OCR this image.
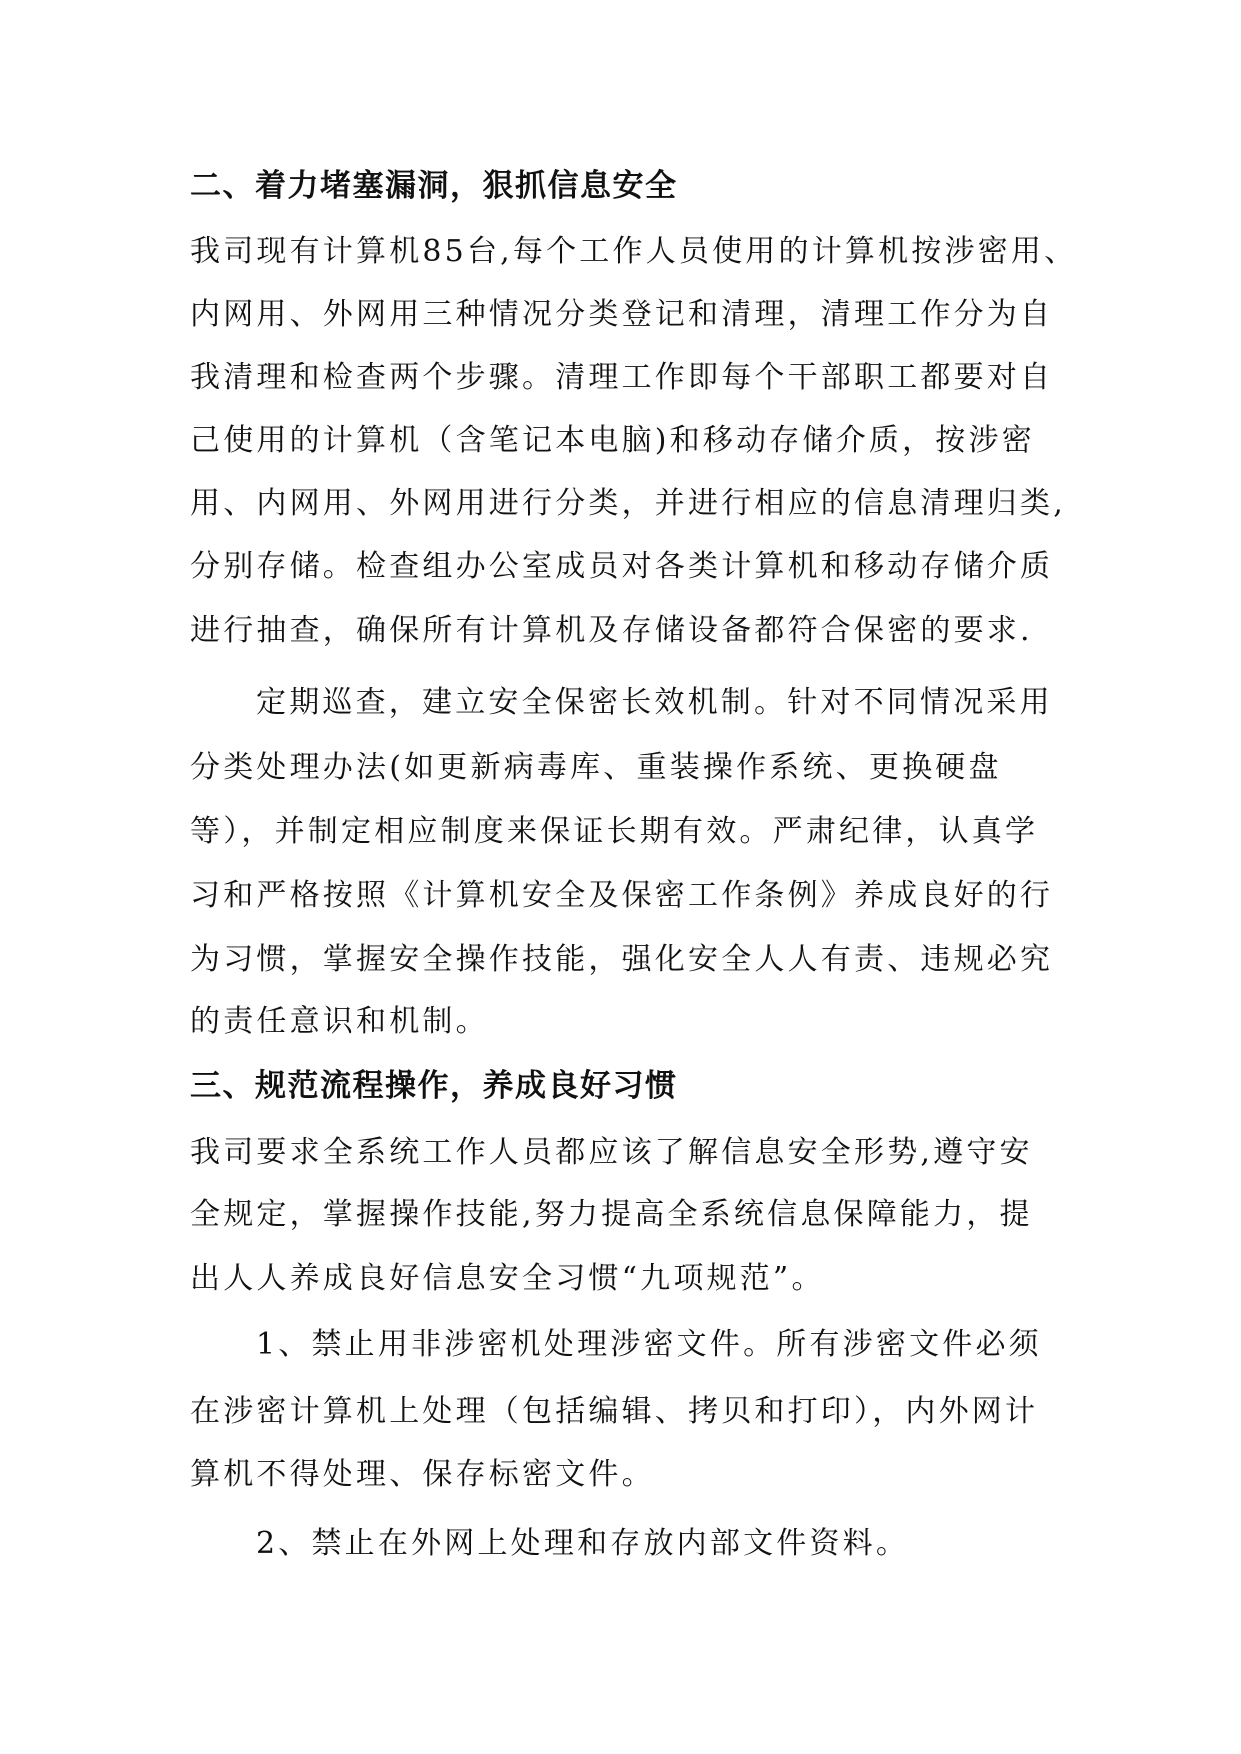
二、着力堵塞漏洞，狠抓信息安全
我司现有计算机85台,每个工作人员使用的计算机按涉密用、
内网用、外网用三种情况分类登记和清理，清理工作分为自
我清理和检查两个步骤。清理工作即每个干部职工都要对自
己使用的计算机（含笔记本电脑)和移动存储介质，按涉密
用、内网用、外网用进行分类，并进行相应的信息清理归类,
分别存储。检查组办公室成员对各类计算机和移动存储介质
进行抽查，确保所有计算机及存储设备都符合保密的要求.
定期巡查，建立安全保密长效机制。针对不同情况采用
分类处理办法(如更新病毒库、重装操作系统、更换硬盘
等），并制定相应制度来保证长期有效。严肃纪律，认真学
习和严格按照《计算机安全及保密工作条例》养成良好的行
为习惯，掌握安全操作技能，强化安全人人有责、违规必究
的责任意识和机制。
三、规范流程操作，养成良好习惯
我司要求全系统工作人员都应该了解信息安全形势,遵守安
全规定，掌握操作技能,努力提高全系统信息保障能力，提
出人人养成良好信息安全习惯“九项规范”。
1、禁止用非涉密机处理涉密文件。所有涉密文件必须
在涉密计算机上处理（包括编辑、拷贝和打印），内外网计
算机不得处理、保存标密文件。
2、禁止在外网上处理和存放内部文件资料。
